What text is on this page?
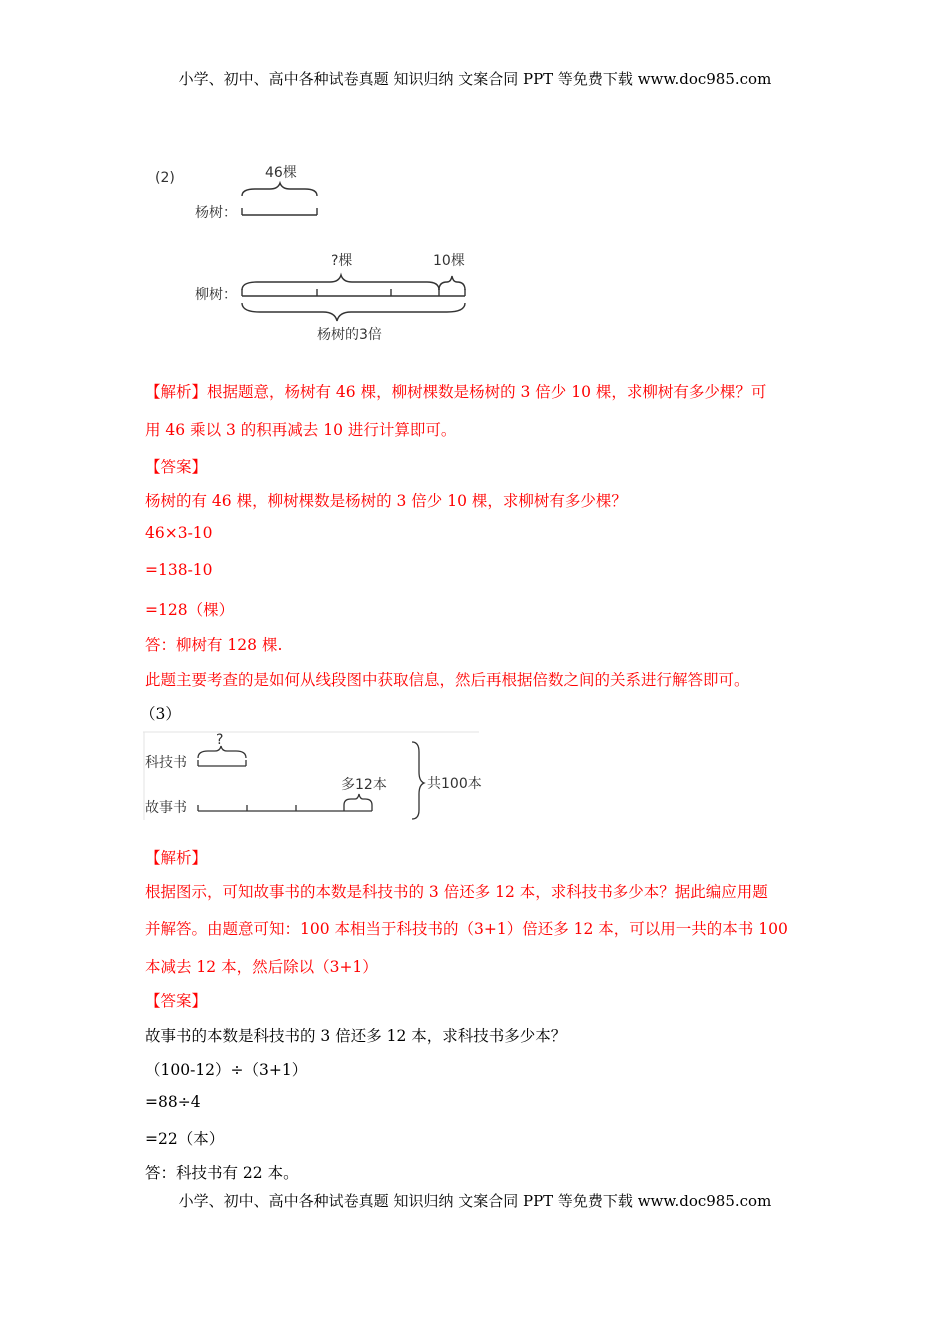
小学、初中、高中各种试卷真题 知识归纳 文案合同 PPT 等免费下载 www.doc985.com
(2)	46棵
杨树：
?棵	10棵
柳树：
杨树的3倍
【解析】根据题意，杨树有 46 棵，柳树棵数是杨树的 3 倍少 10 棵，求柳树有多少棵？可
用 46 乘以 3 的积再减去 10 进行计算即可。
【答案】
杨树的有 46 棵，柳树棵数是杨树的 3 倍少 10 棵，求柳树有多少棵？
46×3-10
=138-10
=128（棵）
答：柳树有 128 棵.
此题主要考查的是如何从线段图中获取信息，然后再根据倍数之间的关系进行解答即可。
（3）
?
科技书
多12本
故事书
共100本
【解析】
根据图示，可知故事书的本数是科技书的 3 倍还多 12 本，求科技书多少本？据此编应用题
并解答。由题意可知：100 本相当于科技书的（3+1）倍还多 12 本，可以用一共的本书 100
本减去 12 本，然后除以（3+1）
【答案】
故事书的本数是科技书的 3 倍还多 12 本，求科技书多少本？
（100-12）÷（3+1）
=88÷4
=22（本）
答：科技书有 22 本。
小学、初中、高中各种试卷真题 知识归纳 文案合同 PPT 等免费下载 www.doc985.com
